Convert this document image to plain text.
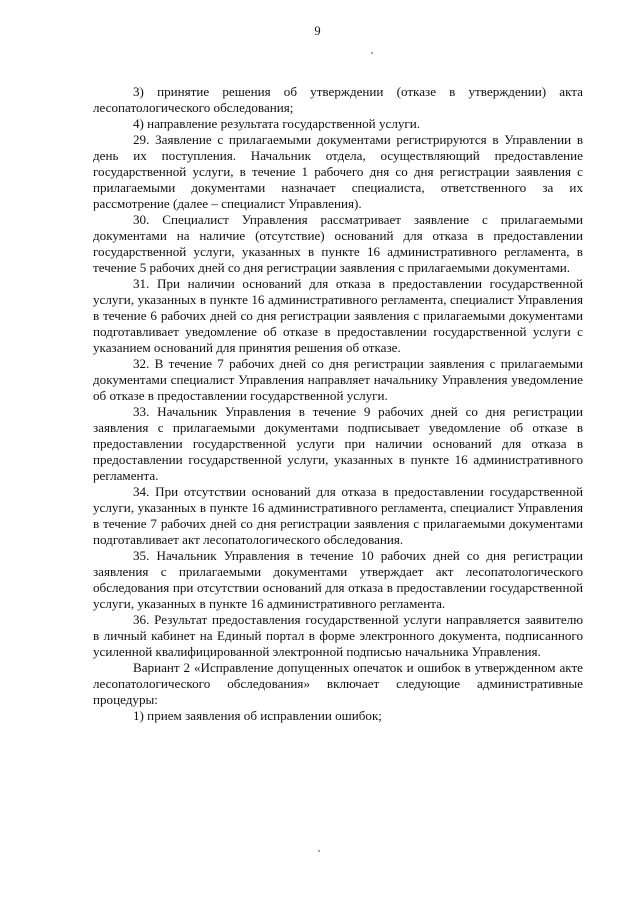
9

3) принятие решения об утверждении (отказе в утверждении) акта лесопатологического обследования;

4) направление результата государственной услуги.

29. Заявление с прилагаемыми документами регистрируются в Управлении в день их поступления. Начальник отдела, осуществляющий предоставление государственной услуги, в течение 1 рабочего дня со дня регистрации заявления с прилагаемыми документами назначает специалиста, ответственного за их рассмотрение (далее – специалист Управления).

30. Специалист Управления рассматривает заявление с прилагаемыми документами на наличие (отсутствие) оснований для отказа в предоставлении государственной услуги, указанных в пункте 16 административного регламента, в течение 5 рабочих дней со дня регистрации заявления с прилагаемыми документами.

31. При наличии оснований для отказа в предоставлении государственной услуги, указанных в пункте 16 административного регламента, специалист Управления в течение 6 рабочих дней со дня регистрации заявления с прилагаемыми документами подготавливает уведомление об отказе в предоставлении государственной услуги с указанием оснований для принятия решения об отказе.

32. В течение 7 рабочих дней со дня регистрации заявления с прилагаемыми документами специалист Управления направляет начальнику Управления уведомление об отказе в предоставлении государственной услуги.

33. Начальник Управления в течение 9 рабочих дней со дня регистрации заявления с прилагаемыми документами подписывает уведомление об отказе в предоставлении государственной услуги при наличии оснований для отказа в предоставлении государственной услуги, указанных в пункте 16 административного регламента.

34. При отсутствии оснований для отказа в предоставлении государственной услуги, указанных в пункте 16 административного регламента, специалист Управления в течение 7 рабочих дней со дня регистрации заявления с прилагаемыми документами подготавливает акт лесопатологического обследования.

35. Начальник Управления в течение 10 рабочих дней со дня регистрации заявления с прилагаемыми документами утверждает акт лесопатологического обследования при отсутствии оснований для отказа в предоставлении государственной услуги, указанных в пункте 16 административного регламента.

36. Результат предоставления государственной услуги направляется заявителю в личный кабинет на Единый портал в форме электронного документа, подписанного усиленной квалифицированной электронной подписью начальника Управления.

Вариант 2 «Исправление допущенных опечаток и ошибок в утвержденном акте лесопатологического обследования» включает следующие административные процедуры:

1) прием заявления об исправлении ошибок;
